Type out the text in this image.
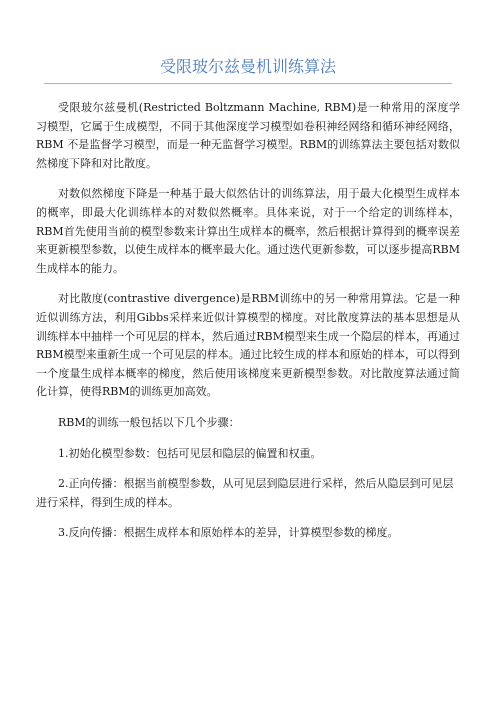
受限玻尔兹曼机训练算法

受限玻尔兹曼机(Restricted Boltzmann Machine, RBM)是一种常用的深度学习模型，它属于生成模型，不同于其他深度学习模型如卷积神经网络和循环神经网络，RBM 不是监督学习模型，而是一种无监督学习模型。RBM的训练算法主要包括对数似然梯度下降和对比散度。

对数似然梯度下降是一种基于最大似然估计的训练算法，用于最大化模型生成样本的概率，即最大化训练样本的对数似然概率。具体来说，对于一个给定的训练样本，RBM首先使用当前的模型参数来计算出生成样本的概率，然后根据计算得到的概率误差来更新模型参数，以使生成样本的概率最大化。通过迭代更新参数，可以逐步提高RBM生成样本的能力。

对比散度(contrastive divergence)是RBM训练中的另一种常用算法。它是一种近似训练方法，利用Gibbs采样来近似计算模型的梯度。对比散度算法的基本思想是从训练样本中抽样一个可见层的样本，然后通过RBM模型来生成一个隐层的样本，再通过RBM模型来重新生成一个可见层的样本。通过比较生成的样本和原始的样本，可以得到一个度量生成样本概率的梯度，然后使用该梯度来更新模型参数。对比散度算法通过简化计算，使得RBM的训练更加高效。

RBM的训练一般包括以下几个步骤：

1.初始化模型参数：包括可见层和隐层的偏置和权重。

2.正向传播：根据当前模型参数，从可见层到隐层进行采样，然后从隐层到可见层进行采样，得到生成的样本。

3.反向传播：根据生成样本和原始样本的差异，计算模型参数的梯度。
